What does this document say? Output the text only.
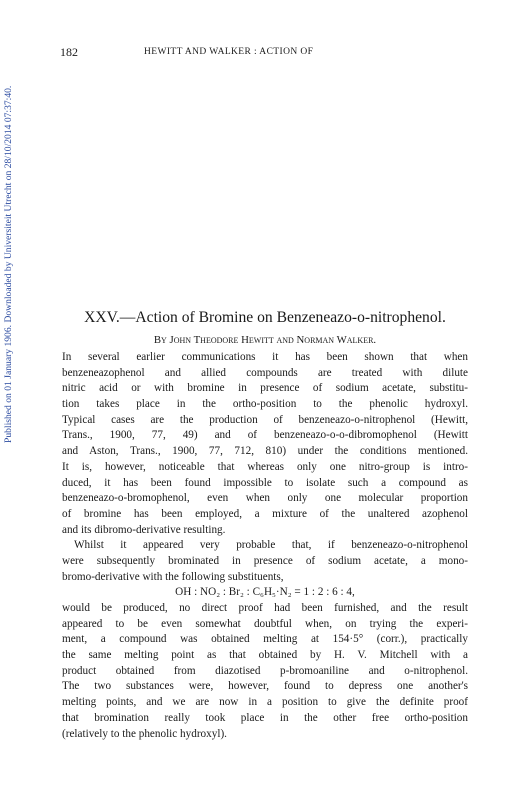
Published on 01 January 1906. Downloaded by Universiteit Utrecht on 28/10/2014 07:37:40.
182	HEWITT AND WALKER : ACTION OF
XXV.—Action of Bromine on Benzeneazo-o-nitrophenol.
By John Theodore Hewitt and Norman Walker.
In several earlier communications it has been shown that when
benzeneazophenol and allied compounds are treated with dilute
nitric acid or with bromine in presence of sodium acetate, substitu-
tion takes place in the ortho-position to the phenolic hydroxyl.
Typical cases are the production of benzeneazo-o-nitrophenol (Hewitt,
Trans., 1900, 77, 49) and of benzeneazo-o-o-dibromophenol (Hewitt
and Aston, Trans., 1900, 77, 712, 810) under the conditions mentioned.
It is, however, noticeable that whereas only one nitro-group is intro-
duced, it has been found impossible to isolate such a compound as
benzeneazo-o-bromophenol, even when only one molecular proportion
of bromine has been employed, a mixture of the unaltered azophenol
and its dibromo-derivative resulting.
Whilst it appeared very probable that, if benzeneazo-o-nitrophenol
were subsequently brominated in presence of sodium acetate, a mono-
bromo-derivative with the following substituents,
OH : NO₂ : Br₂ : C₆H₅·N₂ = 1 : 2 : 6 : 4,
would be produced, no direct proof had been furnished, and the result
appeared to be even somewhat doubtful when, on trying the experi-
ment, a compound was obtained melting at 154·5° (corr.), practically
the same melting point as that obtained by H. V. Mitchell with a
product obtained from diazotised p-bromoaniline and o-nitrophenol.
The two substances were, however, found to depress one another's
melting points, and we are now in a position to give the definite proof
that bromination really took place in the other free ortho-position
(relatively to the phenolic hydroxyl).
